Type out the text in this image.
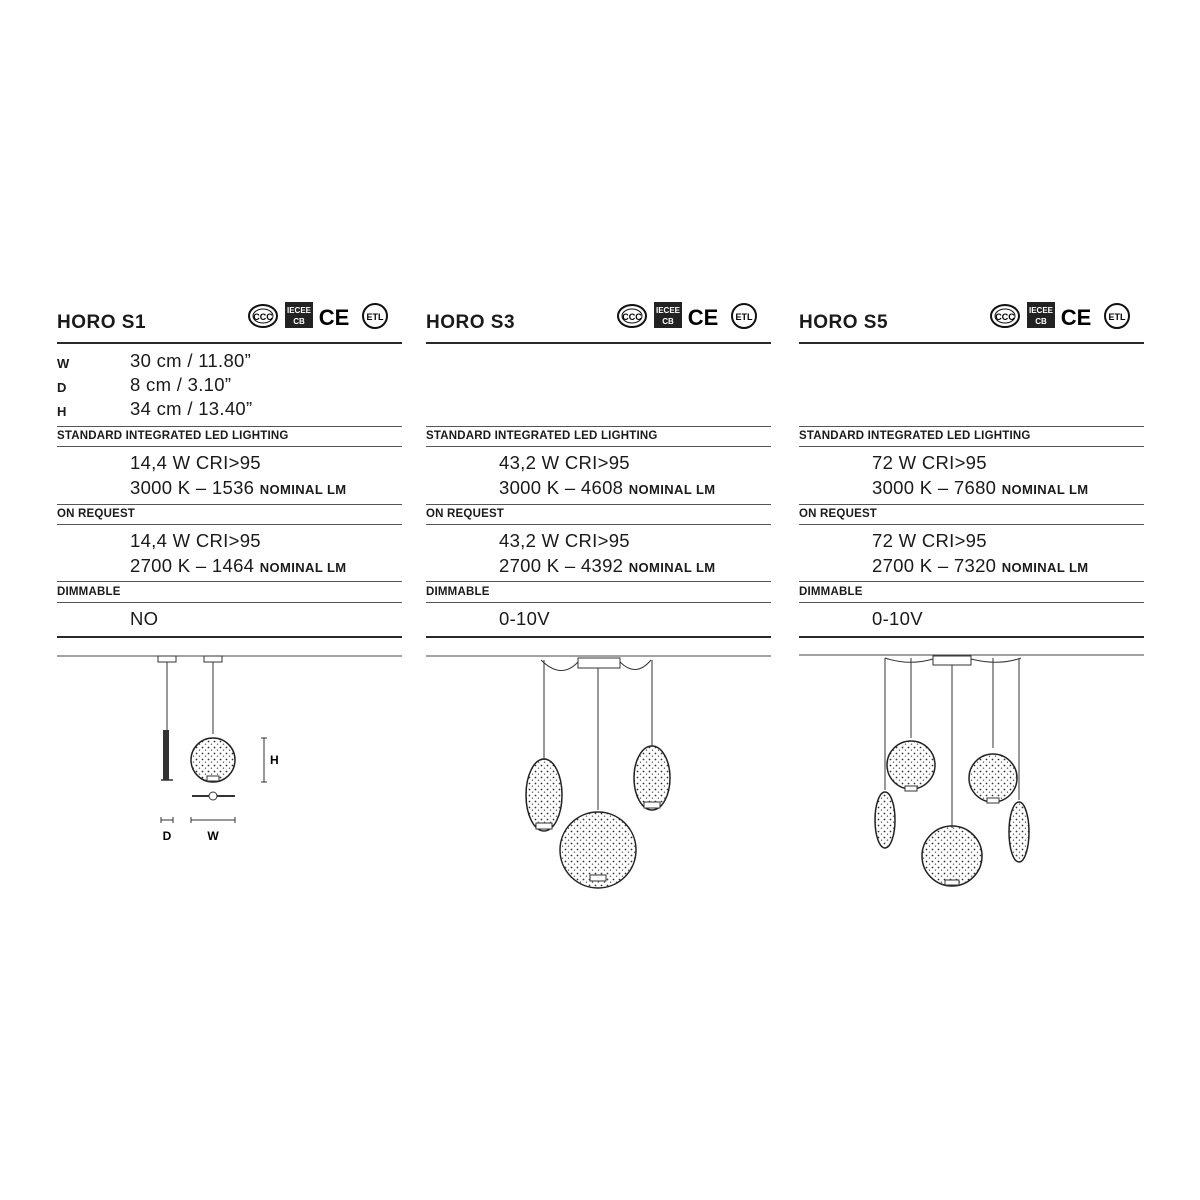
HORO S1	CCC
IECEE
CB CE ETL
W	30 cm / 11.80”
D	8 cm / 3.10”
H	34 cm / 13.40”
STANDARD INTEGRATED LED LIGHTING
14,4 W CRI>95
3000 K – 1536 NOMINAL LM
ON REQUEST
14,4 W CRI>95
2700 K – 1464 NOMINAL LM
DIMMABLE
NO
HORO S3	CCC
IECEE
CB CE ETL
STANDARD INTEGRATED LED LIGHTING
43,2 W CRI>95
3000 K – 4608 NOMINAL LM
ON REQUEST
43,2 W CRI>95
2700 K – 4392 NOMINAL LM
DIMMABLE
0-10V
HORO S5	CCC
IECEE
CB CE ETL
STANDARD INTEGRATED LED LIGHTING
72 W CRI>95
3000 K – 7680 NOMINAL LM
ON REQUEST
72 W CRI>95
2700 K – 7320 NOMINAL LM
DIMMABLE
0-10V
H
D	W
